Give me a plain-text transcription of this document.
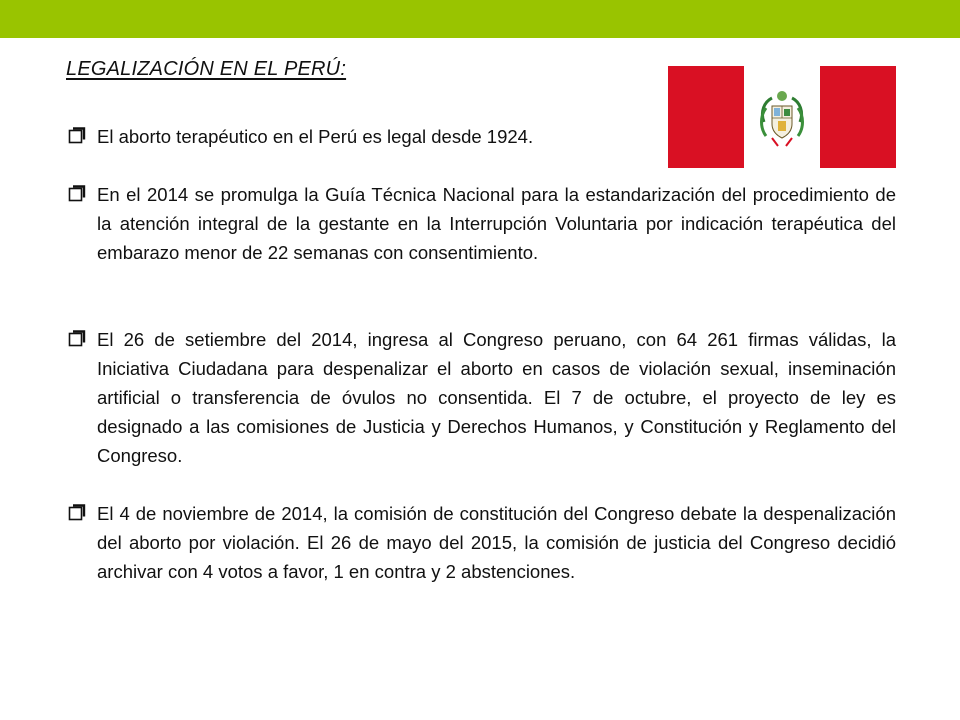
LEGALIZACIÓN EN EL PERÚ:
El aborto terapéutico en el Perú es legal desde 1924.
En el 2014 se promulga la Guía Técnica Nacional para la estandarización del procedimiento de la atención integral de la gestante en la Interrupción Voluntaria por indicación terapéutica del embarazo menor de 22 semanas con consentimiento.
El 26 de setiembre del 2014, ingresa al Congreso peruano, con 64 261 firmas válidas, la Iniciativa Ciudadana para despenalizar el aborto en casos de violación sexual, inseminación artificial o transferencia de óvulos no consentida. El 7 de octubre, el proyecto de ley es designado a las comisiones de Justicia y Derechos Humanos, y Constitución y Reglamento del Congreso.
El 4 de noviembre de 2014, la comisión de constitución del Congreso debate la despenalización del aborto por violación. El 26 de mayo del 2015, la comisión de justicia del Congreso decidió archivar con 4 votos a favor, 1 en contra y 2 abstenciones.
